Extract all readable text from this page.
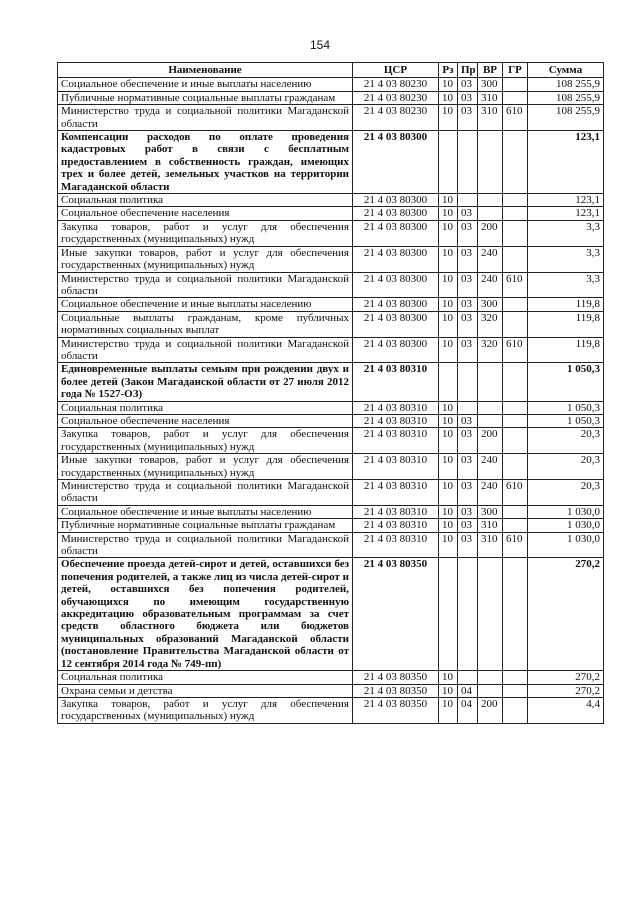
154
Наименование	ЦСР	Рз	Пр	ВР	ГР	Сумма
Социальное обеспечение и иные выплаты населению	21 4 03 80230	10	03	300		108 255,9
Публичные нормативные социальные выплаты гражданам	21 4 03 80230	10	03	310		108 255,9
Министерство труда и социальной политики Магаданской области	21 4 03 80230	10	03	310	610	108 255,9
Компенсации расходов по оплате проведения кадастровых работ в связи с бесплатным предоставлением в собственность граждан, имеющих трех и более детей, земельных участков на территории Магаданской области	21 4 03 80300					123,1
Социальная политика	21 4 03 80300	10				123,1
Социальное обеспечение населения	21 4 03 80300	10	03			123,1
Закупка товаров, работ и услуг для обеспечения государственных (муниципальных) нужд	21 4 03 80300	10	03	200		3,3
Иные закупки товаров, работ и услуг для обеспечения государственных (муниципальных) нужд	21 4 03 80300	10	03	240		3,3
Министерство труда и социальной политики Магаданской области	21 4 03 80300	10	03	240	610	3,3
Социальное обеспечение и иные выплаты населению	21 4 03 80300	10	03	300		119,8
Социальные выплаты гражданам, кроме публичных нормативных социальных выплат	21 4 03 80300	10	03	320		119,8
Министерство труда и социальной политики Магаданской области	21 4 03 80300	10	03	320	610	119,8
Единовременные выплаты семьям при рождении двух и более детей (Закон Магаданской области от 27 июля 2012 года № 1527-ОЗ)	21 4 03 80310					1 050,3
Социальная политика	21 4 03 80310	10				1 050,3
Социальное обеспечение населения	21 4 03 80310	10	03			1 050,3
Закупка товаров, работ и услуг для обеспечения государственных (муниципальных) нужд	21 4 03 80310	10	03	200		20,3
Иные закупки товаров, работ и услуг для обеспечения государственных (муниципальных) нужд	21 4 03 80310	10	03	240		20,3
Министерство труда и социальной политики Магаданской области	21 4 03 80310	10	03	240	610	20,3
Социальное обеспечение и иные выплаты населению	21 4 03 80310	10	03	300		1 030,0
Публичные нормативные социальные выплаты гражданам	21 4 03 80310	10	03	310		1 030,0
Министерство труда и социальной политики Магаданской области	21 4 03 80310	10	03	310	610	1 030,0
Обеспечение проезда детей-сирот и детей, оставшихся без попечения родителей, а также лиц из числа детей-сирот и детей, оставшихся без попечения родителей, обучающихся по имеющим государственную аккредитацию образовательным программам за счет средств областного бюджета или бюджетов муниципальных образований Магаданской области (постановление Правительства Магаданской области от 12 сентября 2014 года № 749-пп)	21 4 03 80350					270,2
Социальная политика	21 4 03 80350	10				270,2
Охрана семьи и детства	21 4 03 80350	10	04			270,2
Закупка товаров, работ и услуг для обеспечения государственных (муниципальных) нужд	21 4 03 80350	10	04	200		4,4
